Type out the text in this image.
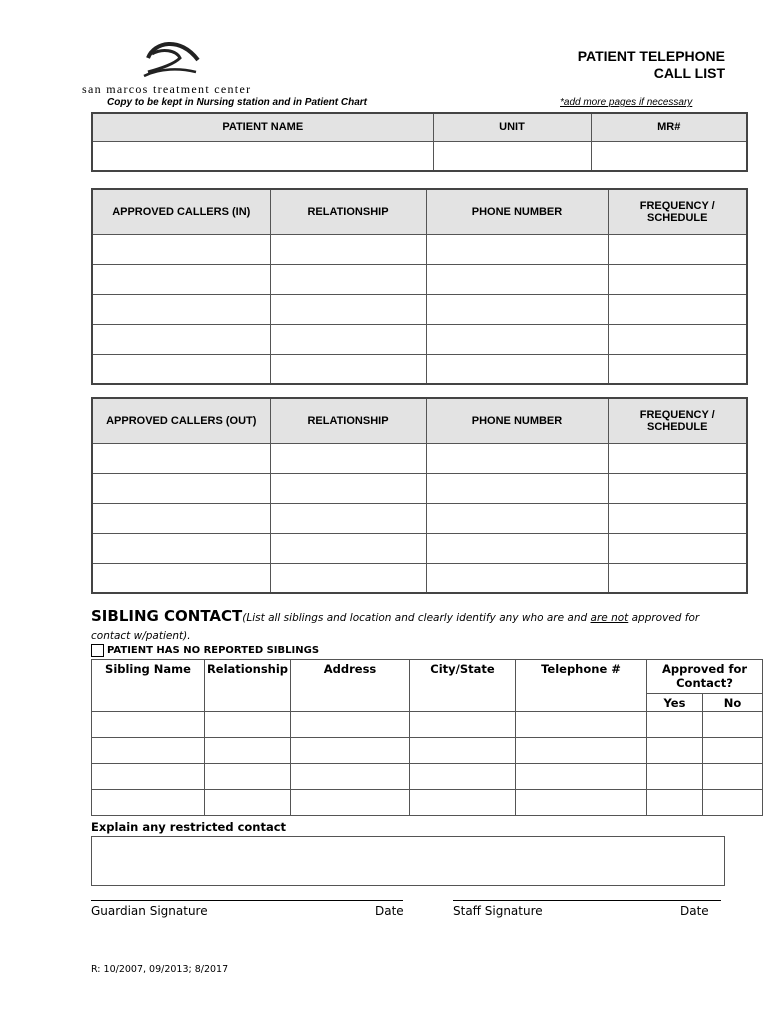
san marcos treatment center
PATIENT TELEPHONE
CALL LIST
Copy to be kept in Nursing station and in Patient Chart	*add more pages if necessary
PATIENT NAME	UNIT	MR#

APPROVED CALLERS (IN)	RELATIONSHIP	PHONE NUMBER	FREQUENCY / SCHEDULE

APPROVED CALLERS (OUT)	RELATIONSHIP	PHONE NUMBER	FREQUENCY / SCHEDULE

SIBLING CONTACT(List all siblings and location and clearly identify any who are and are not approved for contact w/patient).
PATIENT HAS NO REPORTED SIBLINGS
Sibling Name	Relationship	Address	City/State	Telephone #	Approved for Contact?	
					Yes	No

Explain any restricted contact
Guardian Signature	Date	Staff Signature	Date
R: 10/2007, 09/2013; 8/2017
